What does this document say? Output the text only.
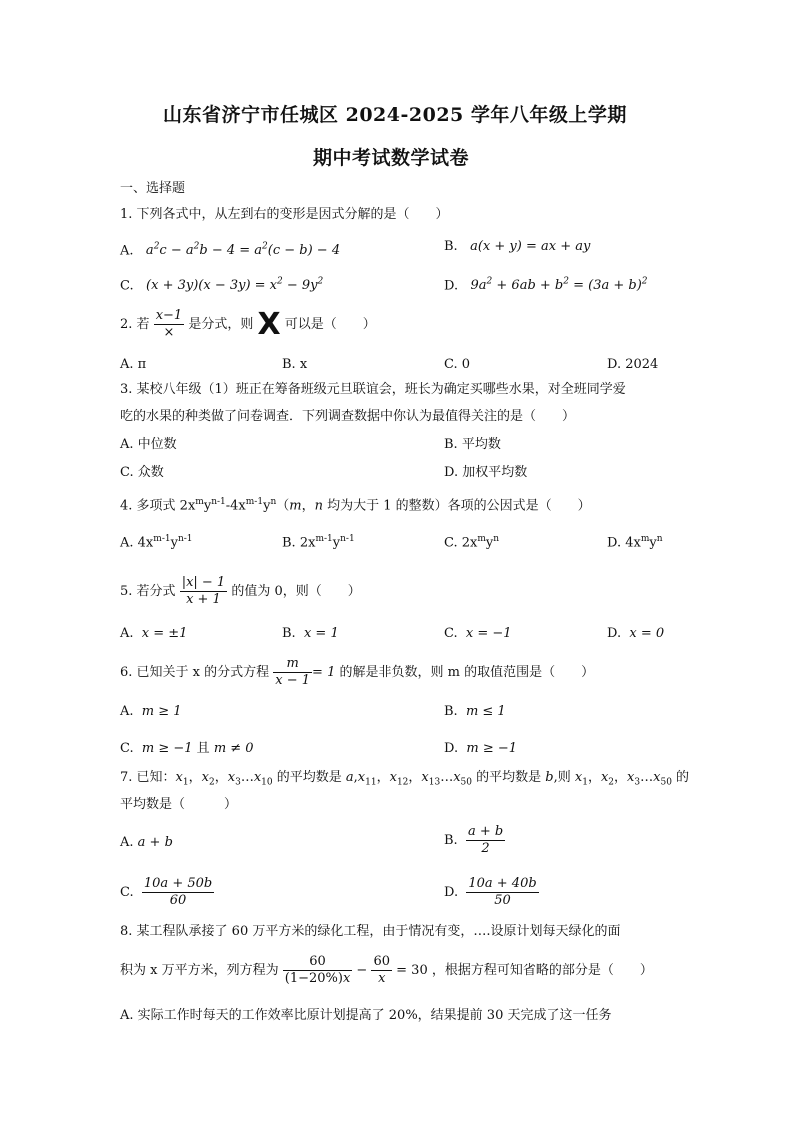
山东省济宁市任城区 2024-2025 学年八年级上学期
期中考试数学试卷
一、选择题
1. 下列各式中，从左到右的变形是因式分解的是（　　）
A.   $a^2c - a^2b - 4 = a^2(c - b) - 4$	B.   a(x + y) = ax + ay
C.   $(x + 3y)(x - 3y) = x^2 - 9y^2$	D.   $9a^2 + 6ab + b^2 = (3a + b)^2$
2. 若 $\frac{x-1}{\times}$ 是分式，则 X 可以是（　　）
A. π	B. x	C. 0	D. 2024
3. 某校八年级（1）班正在筹备班级元旦联谊会，班长为确定买哪些水果，对全班同学爱
吃的水果的种类做了问卷调查．下列调查数据中你认为最值得关注的是（　　）
A. 中位数	B. 平均数
C. 众数	D. 加权平均数
4. 多项式 $2x^my^{n-1}-4x^{m-1}y^n(m$，n 均为大于 1 的整数）各项的公因式是（　　）
A. $4x^{m-1}y^{n-1}$	B. $2x^{m-1}y^{n-1}$	C. $2x^my^n$	D. $4x^my^n$
5. 若分式 $\frac{|x| - 1}{x + 1}$ 的值为 0，则（　　）
A.  x = ±1	B.  x = 1	C.  x = −1	D.  x = 0
6. 已知关于 x 的分式方程 $\frac{m}{x - 1} = 1$ 的解是非负数，则 m 的取值范围是（　　）
A.  m ≥ 1	B.  m ≤ 1
C.  m ≥ −1 且 m ≠ 0	D.  m ≥ −1
7. 已知：$x_1$，$x_2$，$x_3\dots x_{10}$ 的平均数是 $a,x_{11}$，$x_{12}$，$x_{13}\dots x_{50}$ 的平均数是 b,则 $x_1$，$x_2$，$x_3\dots x_{50}$ 的
平均数是（　　　）
A. a + b	B. $\frac{a + b}{2}$
C. $\frac{10a + 50b}{60}$	D. $\frac{10a + 40b}{50}$
8. 某工程队承接了 60 万平方米的绿化工程，由于情况有变，….设原计划每天绿化的面
积为 x 万平方米，列方程为 $\frac{60}{(1-20\%)x} - \frac{60}{x} = 30$ ，根据方程可知省略的部分是（　　）
A. 实际工作时每天的工作效率比原计划提高了 20%，结果提前 30 天完成了这一任务
